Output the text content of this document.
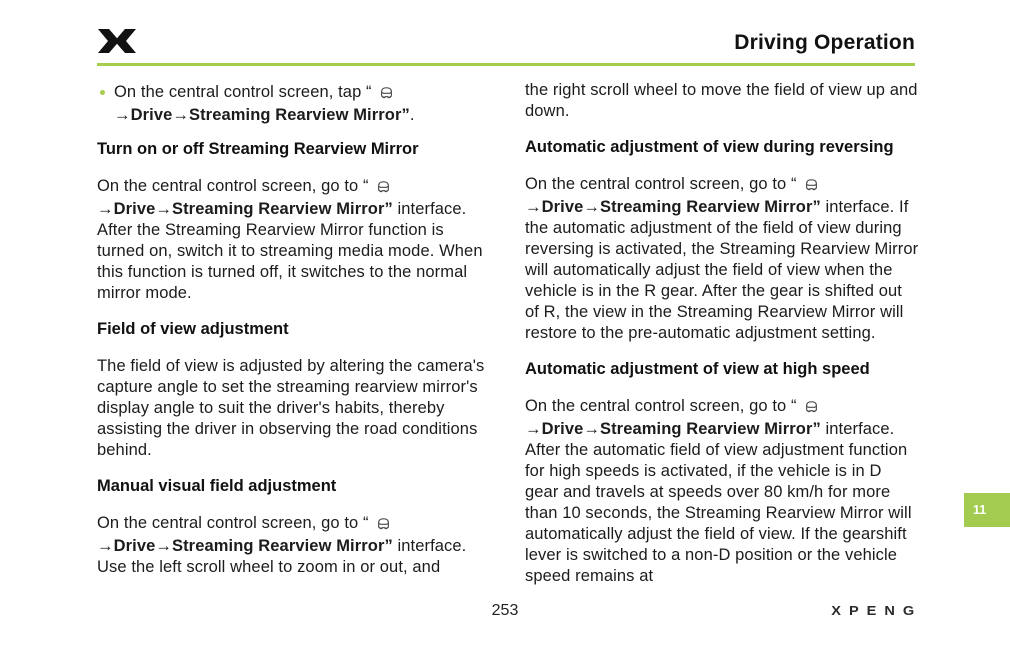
Driving Operation

On the central control screen, tap “
→Drive→Streaming Rearview Mirror”.

Turn on or off Streaming Rearview Mirror

On the central control screen, go to “
→Drive→Streaming Rearview Mirror” interface. After the Streaming Rearview Mirror function is turned on, switch it to streaming media mode. When this function is turned off, it switches to the normal mirror mode.

Field of view adjustment

The field of view is adjusted by altering the camera's capture angle to set the streaming rearview mirror's display angle to suit the driver's habits, thereby assisting the driver in observing the road conditions behind.

Manual visual field adjustment

On the central control screen, go to “
→Drive→Streaming Rearview Mirror” interface. Use the left scroll wheel to zoom in or out, and

the right scroll wheel to move the field of view up and down.

Automatic adjustment of view during reversing

On the central control screen, go to “
→Drive→Streaming Rearview Mirror” interface. If the automatic adjustment of the field of view during reversing is activated, the Streaming Rearview Mirror will automatically adjust the field of view when the vehicle is in the R gear. After the gear is shifted out of R, the view in the Streaming Rearview Mirror will restore to the pre-automatic adjustment setting.

Automatic adjustment of view at high speed

On the central control screen, go to “
→Drive→Streaming Rearview Mirror” interface. After the automatic field of view adjustment function for high speeds is activated, if the vehicle is in D gear and travels at speeds over 80 km/h for more than 10 seconds, the Streaming Rearview Mirror will automatically adjust the field of view. If the gearshift lever is switched to a non-D position or the vehicle speed remains at

11
253	XPENG
